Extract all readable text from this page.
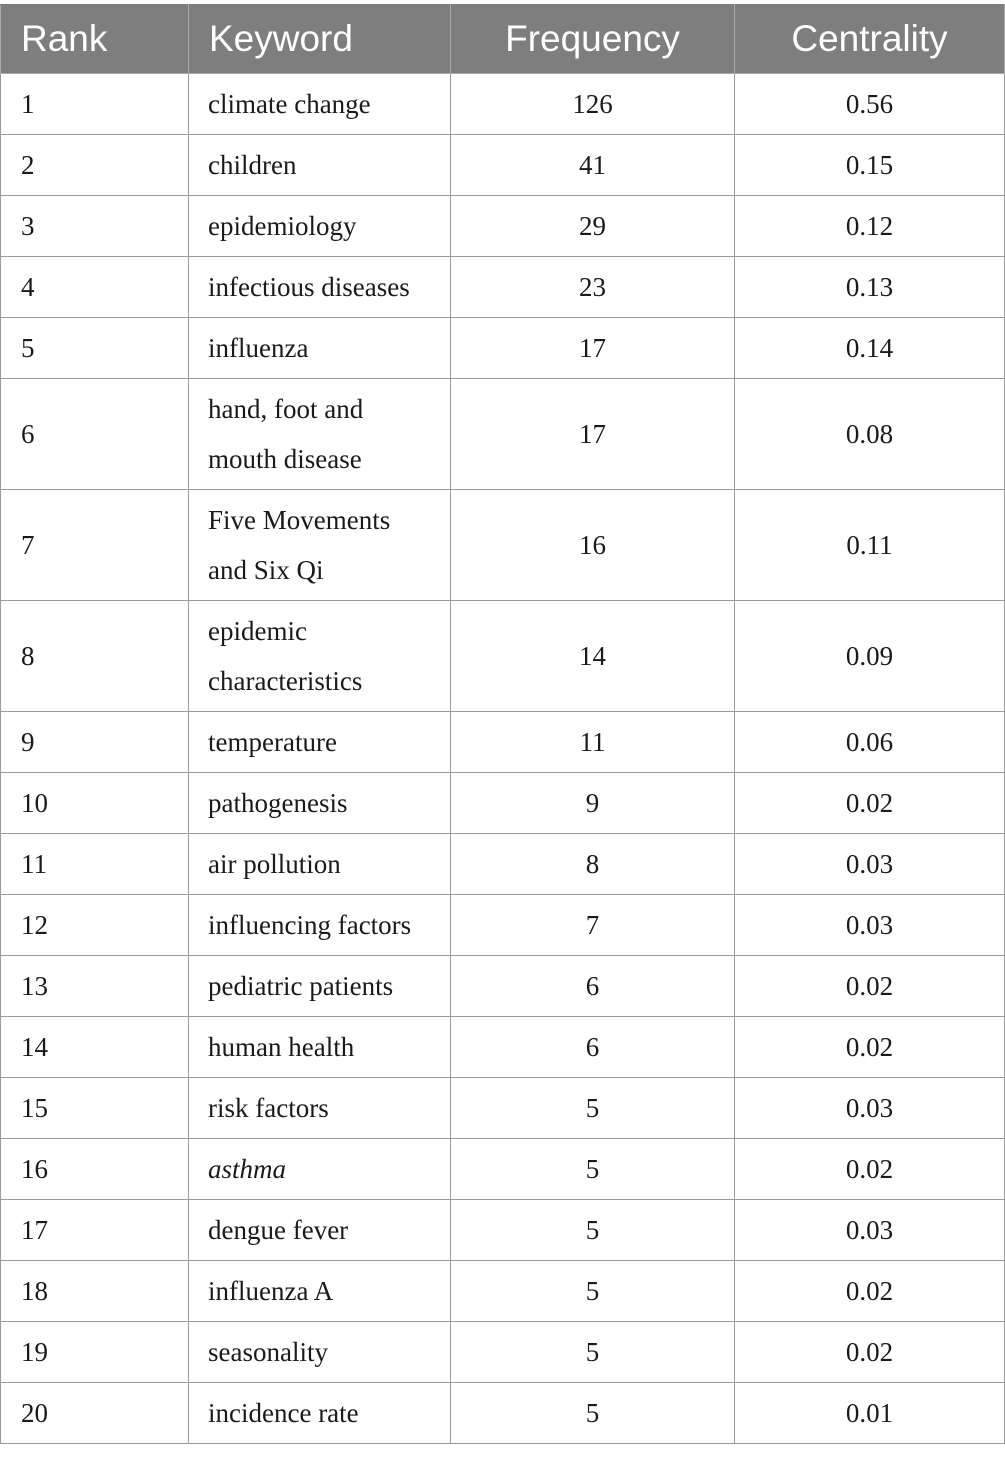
Rank	Keyword	Frequency	Centrality
1	climate change	126	0.56
2	children	41	0.15
3	epidemiology	29	0.12
4	infectious diseases	23	0.13
5	influenza	17	0.14
6	hand, foot and mouth disease	17	0.08
7	Five Movements and Six Qi	16	0.11
8	epidemic characteristics	14	0.09
9	temperature	11	0.06
10	pathogenesis	9	0.02
11	air pollution	8	0.03
12	influencing factors	7	0.03
13	pediatric patients	6	0.02
14	human health	6	0.02
15	risk factors	5	0.03
16	asthma	5	0.02
17	dengue fever	5	0.03
18	influenza A	5	0.02
19	seasonality	5	0.02
20	incidence rate	5	0.01
